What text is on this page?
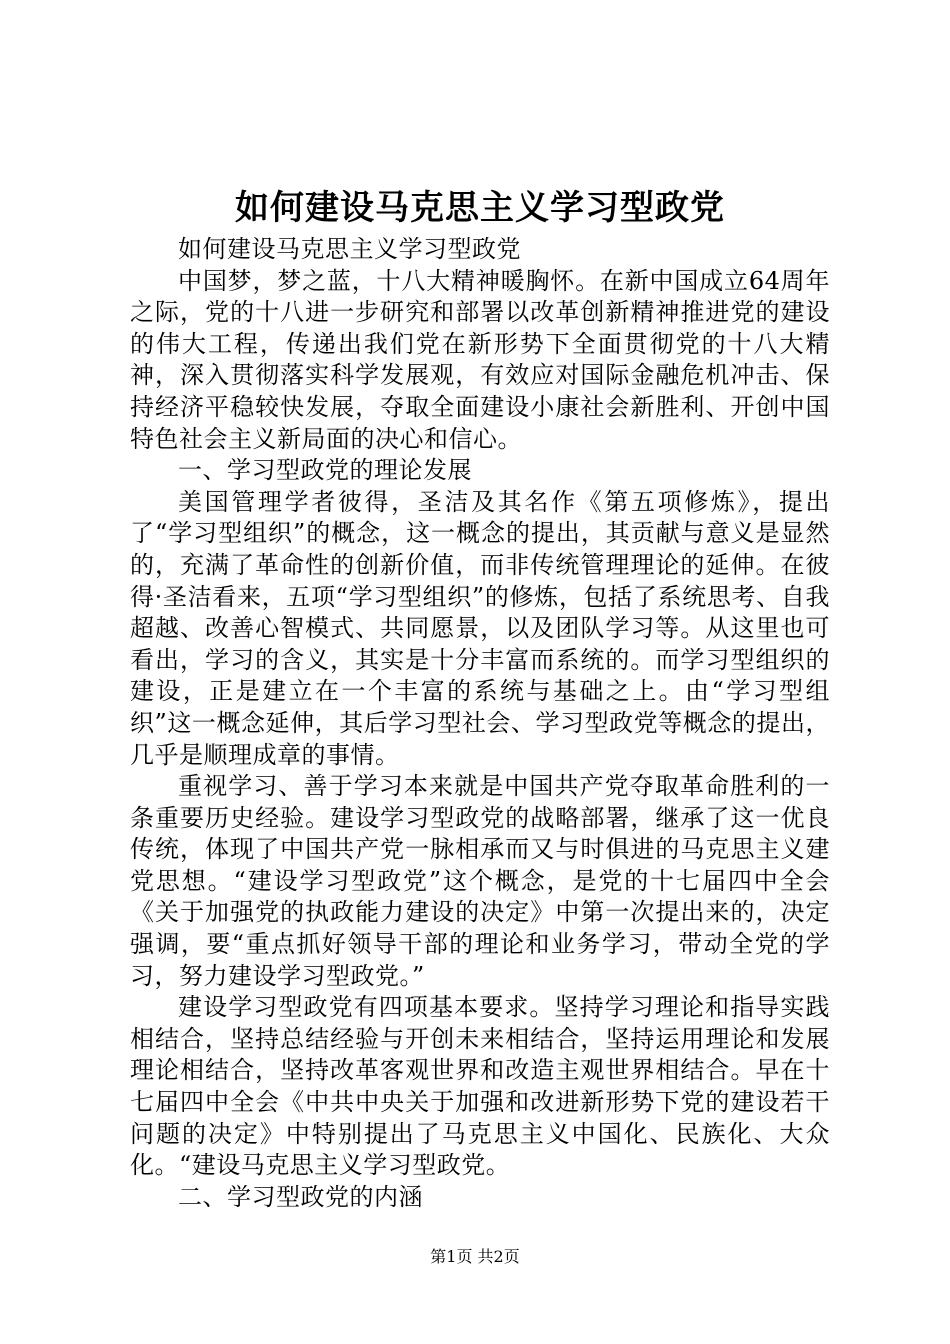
如何建设马克思主义学习型政党

如何建设马克思主义学习型政党

中国梦，梦之蓝，十八大精神暖胸怀。在新中国成立64周年之际，党的十八进一步研究和部署以改革创新精神推进党的建设的伟大工程，传递出我们党在新形势下全面贯彻党的十八大精神，深入贯彻落实科学发展观，有效应对国际金融危机冲击、保持经济平稳较快发展，夺取全面建设小康社会新胜利、开创中国特色社会主义新局面的决心和信心。

一、学习型政党的理论发展

美国管理学者彼得，圣洁及其名作《第五项修炼》，提出了“学习型组织”的概念，这一概念的提出，其贡献与意义是显然的，充满了革命性的创新价值，而非传统管理理论的延伸。在彼得·圣洁看来，五项“学习型组织”的修炼，包括了系统思考、自我超越、改善心智模式、共同愿景，以及团队学习等。从这里也可看出，学习的含义，其实是十分丰富而系统的。而学习型组织的建设，正是建立在一个丰富的系统与基础之上。由“学习型组织”这一概念延伸，其后学习型社会、学习型政党等概念的提出，几乎是顺理成章的事情。

重视学习、善于学习本来就是中国共产党夺取革命胜利的一条重要历史经验。建设学习型政党的战略部署，继承了这一优良传统，体现了中国共产党一脉相承而又与时俱进的马克思主义建党思想。“建设学习型政党”这个概念，是党的十七届四中全会《关于加强党的执政能力建设的决定》中第一次提出来的，决定强调，要“重点抓好领导干部的理论和业务学习，带动全党的学习，努力建设学习型政党。”

建设学习型政党有四项基本要求。坚持学习理论和指导实践相结合，坚持总结经验与开创未来相结合，坚持运用理论和发展理论相结合，坚持改革客观世界和改造主观世界相结合。早在十七届四中全会《中共中央关于加强和改进新形势下党的建设若干问题的决定》中特别提出了马克思主义中国化、民族化、大众化。“建设马克思主义学习型政党。

二、学习型政党的内涵

第1页 共2页
